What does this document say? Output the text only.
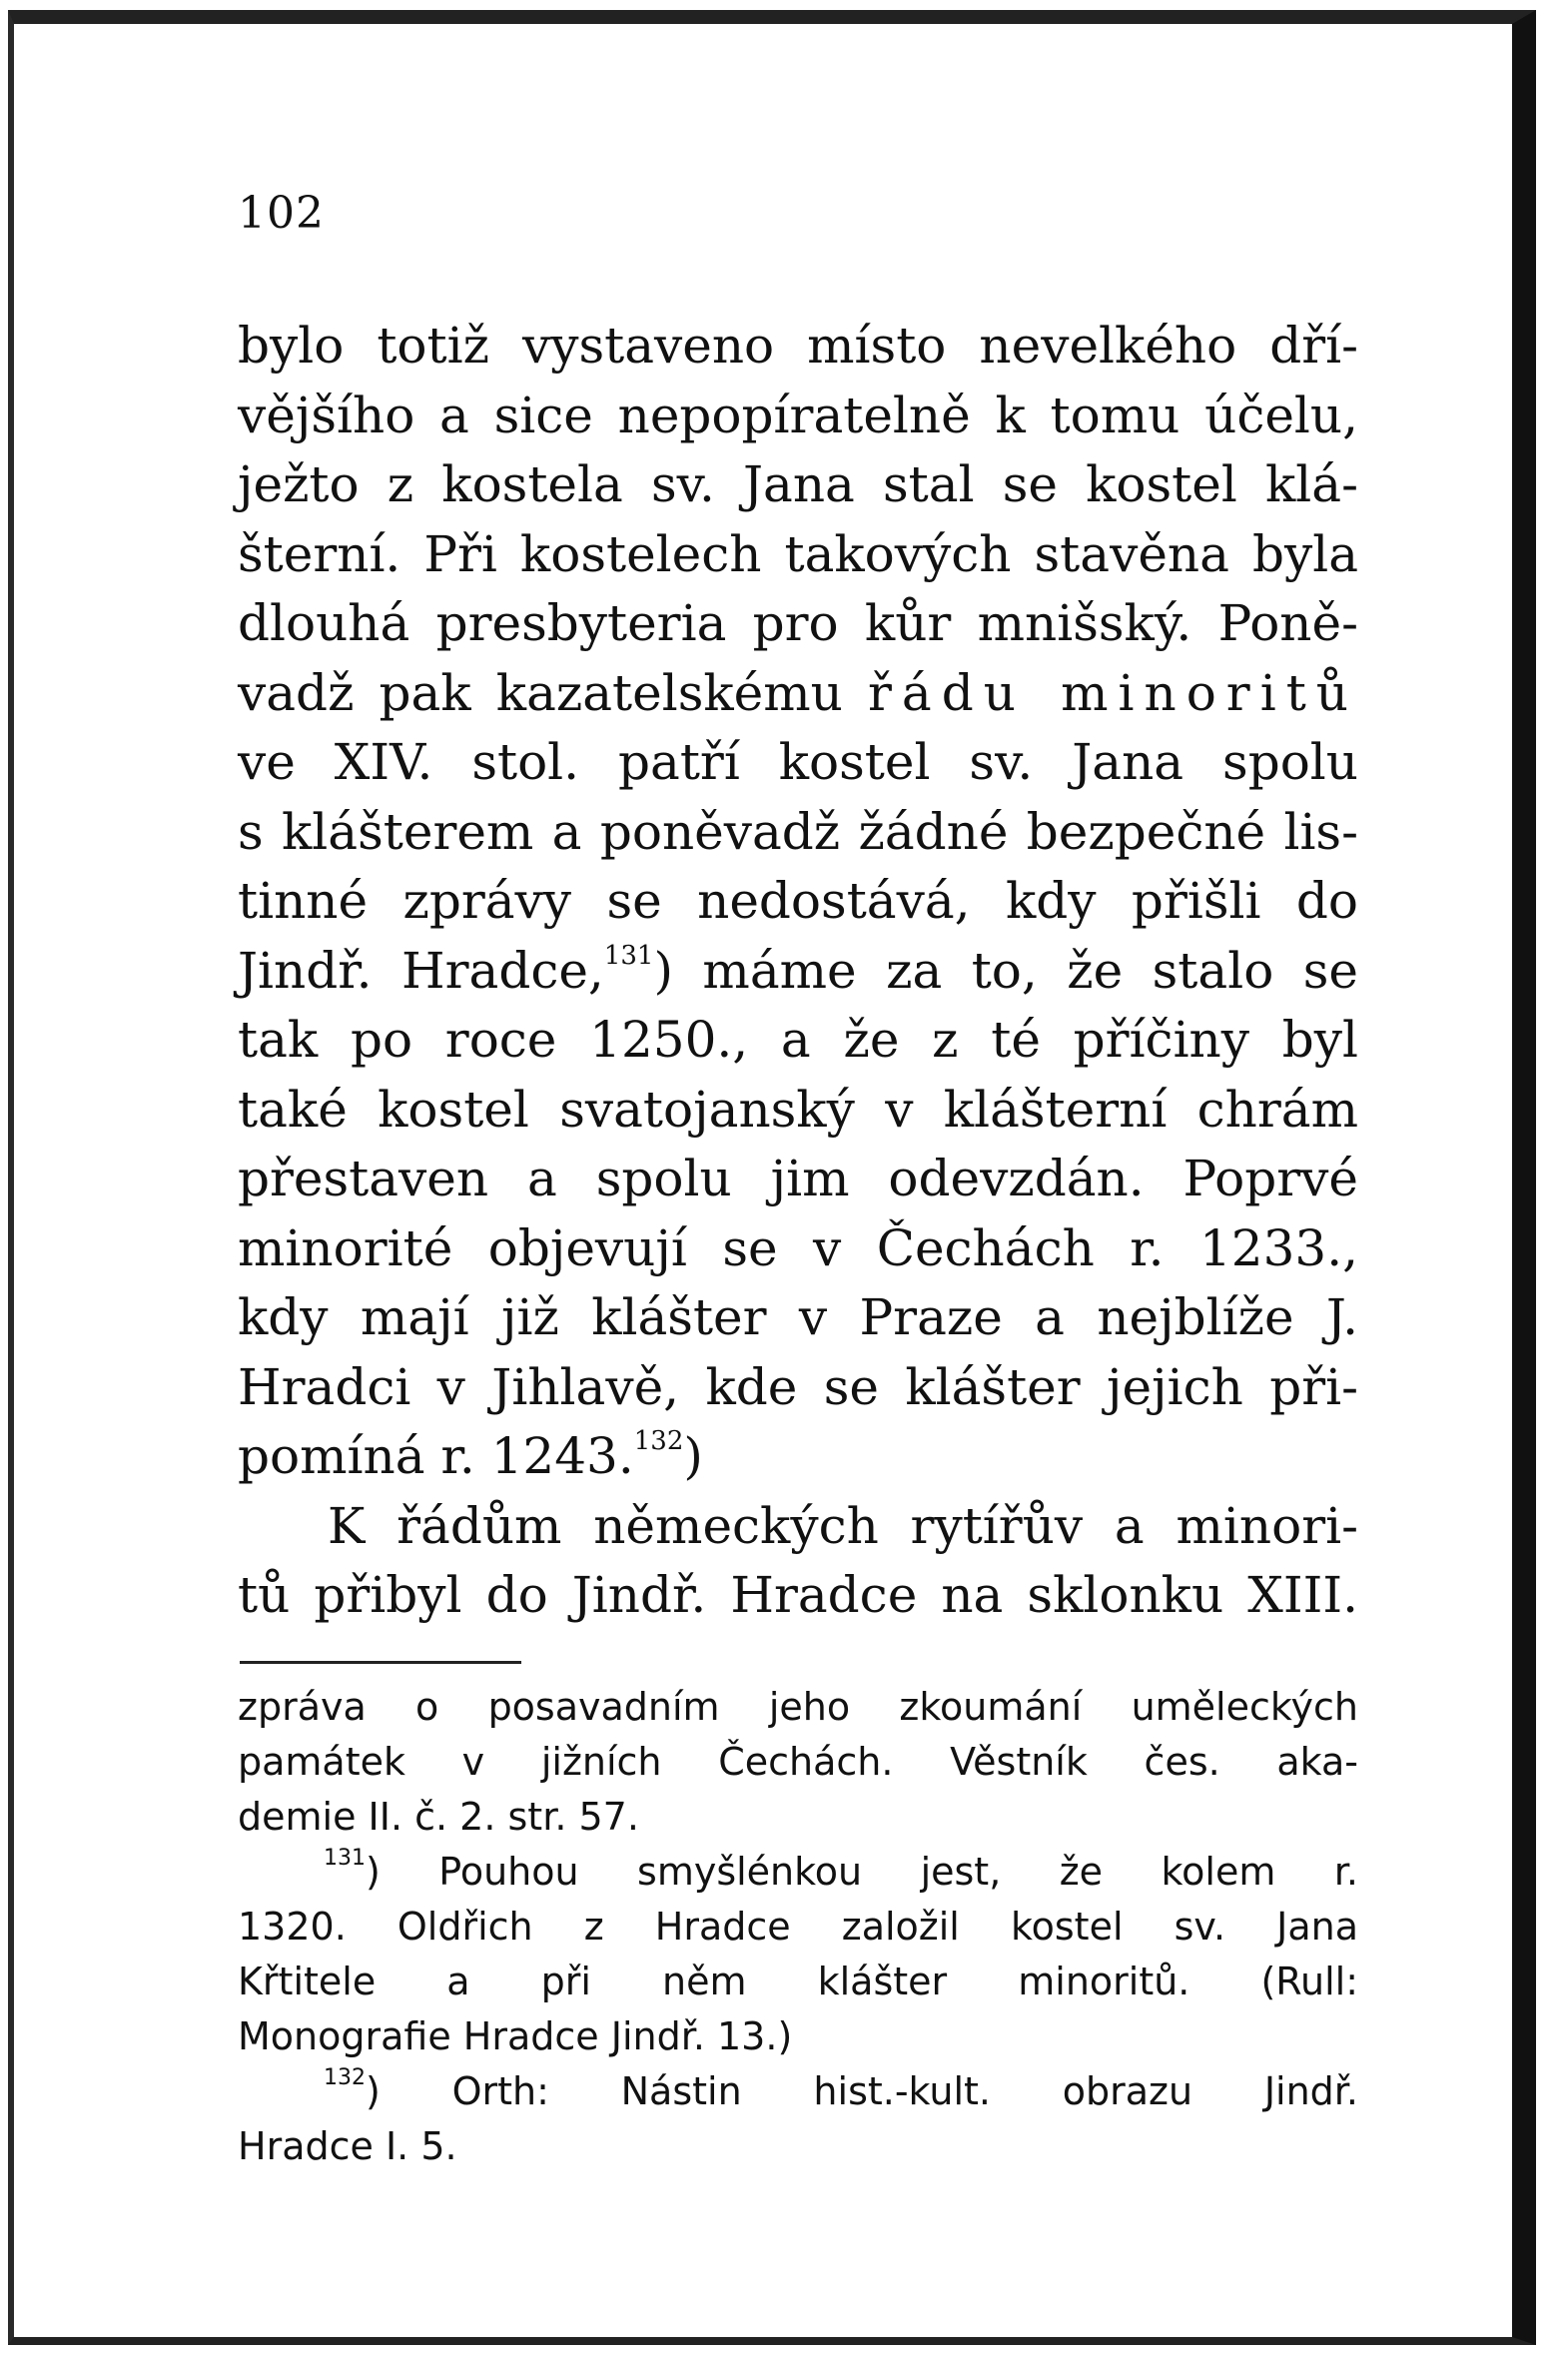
102
bylo totiž vystaveno místo nevelkého dří-
vějšího a sice nepopíratelně k tomu účelu,
ježto z kostela sv. Jana stal se kostel klá-
šterní. Při kostelech takových stavěna byla
dlouhá presbyteria pro kůr mnišský. Poně-
vadž pak kazatelskému řádu minoritů
ve XIV. stol. patří kostel sv. Jana spolu
s klášterem a poněvadž žádné bezpečné lis-
tinné zprávy se nedostává, kdy přišli do
Jindř. Hradce,$^{131}$) máme za to, že stalo se
tak po roce 1250., a že z té příčiny byl
také kostel svatojanský v klášterní chrám
přestaven a spolu jim odevzdán. Poprvé
minorité objevují se v Čechách r. 1233.,
kdy mají již klášter v Praze a nejblíže J.
Hradci v Jihlavě, kde se klášter jejich při-
pomíná r. 1243.$^{132}$)
K řádům německých rytířův a minori-
tů přibyl do Jindř. Hradce na sklonku XIII.
zpráva o posavadním jeho zkoumání uměleckých
památek v jižních Čechách. Věstník čes. aka-
demie II. č. 2. str. 57.
$^{131}$) Pouhou smyšlénkou jest, že kolem r.
1320. Oldřich z Hradce založil kostel sv. Jana
Křtitele a při něm klášter minoritů. (Rull:
Monografie Hradce Jindř. 13.)
$^{132}$) Orth: Nástin hist.-kult. obrazu Jindř.
Hradce I. 5.
